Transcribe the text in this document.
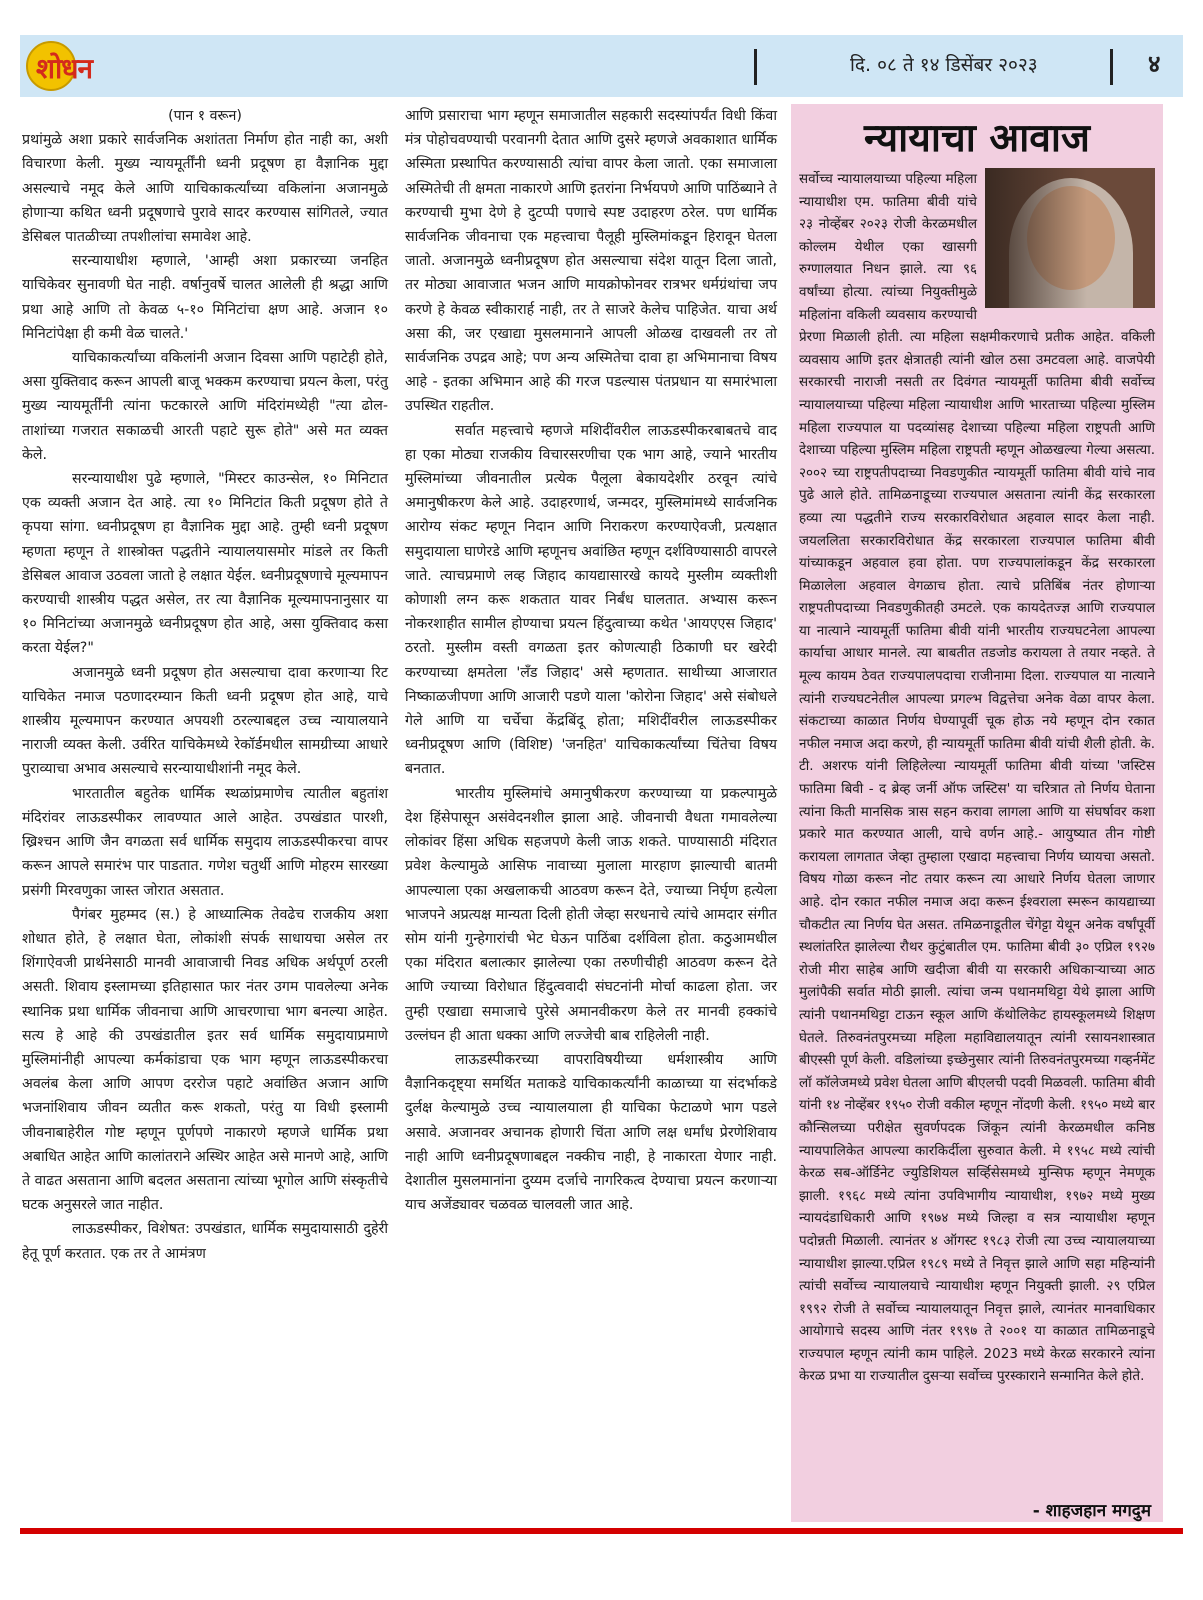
शोधन	दि. ०८ ते १४ डिसेंबर २०२३	४

(पान १ वरून)

प्रथांमुळे अशा प्रकारे सार्वजनिक अशांतता निर्माण होत नाही का, अशी विचारणा केली. मुख्य न्यायमूर्तींनी ध्वनी प्रदूषण हा वैज्ञानिक मुद्दा असल्याचे नमूद केले आणि याचिकाकर्त्यांच्या वकिलांना अजानमुळे होणाऱ्या कथित ध्वनी प्रदूषणाचे पुरावे सादर करण्यास सांगितले, ज्यात डेसिबल पातळीच्या तपशीलांचा समावेश आहे.

सरन्यायाधीश म्हणाले, 'आम्ही अशा प्रकारच्या जनहित याचिकेवर सुनावणी घेत नाही. वर्षानुवर्षे चालत आलेली ही श्रद्धा आणि प्रथा आहे आणि तो केवळ ५-१० मिनिटांचा क्षण आहे. अजान १० मिनिटांपेक्षा ही कमी वेळ चालते.'

याचिकाकर्त्यांच्या वकिलांनी अजान दिवसा आणि पहाटेही होते, असा युक्तिवाद करून आपली बाजू भक्कम करण्याचा प्रयत्न केला, परंतु मुख्य न्यायमूर्तींनी त्यांना फटकारले आणि मंदिरांमध्येही "त्या ढोल-ताशांच्या गजरात सकाळची आरती पहाटे सुरू होते" असे मत व्यक्त केले.

सरन्यायाधीश पुढे म्हणाले, "मिस्टर काउन्सेल, १० मिनिटात एक व्यक्ती अजान देत आहे. त्या १० मिनिटांत किती प्रदूषण होते ते कृपया सांगा. ध्वनीप्रदूषण हा वैज्ञानिक मुद्दा आहे. तुम्ही ध्वनी प्रदूषण म्हणता म्हणून ते शास्त्रोक्त पद्धतीने न्यायालयासमोर मांडले तर किती डेसिबल आवाज उठवला जातो हे लक्षात येईल. ध्वनीप्रदूषणाचे मूल्यमापन करण्याची शास्त्रीय पद्धत असेल, तर त्या वैज्ञानिक मूल्यमापनानुसार या १० मिनिटांच्या अजानमुळे ध्वनीप्रदूषण होत आहे, असा युक्तिवाद कसा करता येईल?"

अजानमुळे ध्वनी प्रदूषण होत असल्याचा दावा करणाऱ्या रिट याचिकेत नमाज पठणादरम्यान किती ध्वनी प्रदूषण होत आहे, याचे शास्त्रीय मूल्यमापन करण्यात अपयशी ठरल्याबद्दल उच्च न्यायालयाने नाराजी व्यक्त केली. उर्वरित याचिकेमध्ये रेकॉर्डमधील सामग्रीच्या आधारे पुराव्याचा अभाव असल्याचे सरन्यायाधीशांनी नमूद केले.

भारतातील बहुतेक धार्मिक स्थळांप्रमाणेच त्यातील बहुतांश मंदिरांवर लाऊडस्पीकर लावण्यात आले आहेत. उपखंडात पारशी, ख्रिश्चन आणि जैन वगळता सर्व धार्मिक समुदाय लाऊडस्पीकरचा वापर करून आपले समारंभ पार पाडतात. गणेश चतुर्थी आणि मोहरम सारख्या प्रसंगी मिरवणुका जास्त जोरात असतात.

पैगंबर मुहम्मद (स.) हे आध्यात्मिक तेवढेच राजकीय अशा शोधात होते, हे लक्षात घेता, लोकांशी संपर्क साधायचा असेल तर शिंगाऐवजी प्रार्थनेसाठी मानवी आवाजाची निवड अधिक अर्थपूर्ण ठरली असती. शिवाय इस्लामच्या इतिहासात फार नंतर उगम पावलेल्या अनेक स्थानिक प्रथा धार्मिक जीवनाचा आणि आचरणाचा भाग बनल्या आहेत. सत्य हे आहे की उपखंडातील इतर सर्व धार्मिक समुदायाप्रमाणे मुस्लिमांनीही आपल्या कर्मकांडाचा एक भाग म्हणून लाऊडस्पीकरचा अवलंब केला आणि आपण दररोज पहाटे अवांछित अजान आणि भजनांशिवाय जीवन व्यतीत करू शकतो, परंतु या विधी इस्लामी जीवनाबाहेरील गोष्ट म्हणून पूर्णपणे नाकारणे म्हणजे धार्मिक प्रथा अबाधित आहेत आणि कालांतराने अस्थिर आहेत असे मानणे आहे, आणि ते वाढत असताना आणि बदलत असताना त्यांच्या भूगोल आणि संस्कृतीचे घटक अनुसरले जात नाहीत.

लाऊडस्पीकर, विशेषत: उपखंडात, धार्मिक समुदायासाठी दुहेरी हेतू पूर्ण करतात. एक तर ते आमंत्रण

आणि प्रसाराचा भाग म्हणून समाजातील सहकारी सदस्यांपर्यंत विधी किंवा मंत्र पोहोचवण्याची परवानगी देतात आणि दुसरे म्हणजे अवकाशात धार्मिक अस्मिता प्रस्थापित करण्यासाठी त्यांचा वापर केला जातो. एका समाजाला अस्मितेची ती क्षमता नाकारणे आणि इतरांना निर्भयपणे आणि पाठिंब्याने ते करण्याची मुभा देणे हे दुटप्पी पणाचे स्पष्ट उदाहरण ठरेल. पण धार्मिक सार्वजनिक जीवनाचा एक महत्त्वाचा पैलूही मुस्लिमांकडून हिरावून घेतला जातो. अजानमुळे ध्वनीप्रदूषण होत असल्याचा संदेश यातून दिला जातो, तर मोठ्या आवाजात भजन आणि मायक्रोफोनवर रात्रभर धर्मग्रंथांचा जप करणे हे केवळ स्वीकारार्ह नाही, तर ते साजरे केलेच पाहिजेत. याचा अर्थ असा की, जर एखाद्या मुसलमानाने आपली ओळख दाखवली तर तो सार्वजनिक उपद्रव आहे; पण अन्य अस्मितेचा दावा हा अभिमानाचा विषय आहे - इतका अभिमान आहे की गरज पडल्यास पंतप्रधान या समारंभाला उपस्थित राहतील.

सर्वात महत्त्वाचे म्हणजे मशिदींवरील लाऊडस्पीकरबाबतचे वाद हा एका मोठ्या राजकीय विचारसरणीचा एक भाग आहे, ज्याने भारतीय मुस्लिमांच्या जीवनातील प्रत्येक पैलूला बेकायदेशीर ठरवून त्यांचे अमानुषीकरण केले आहे. उदाहरणार्थ, जन्मदर, मुस्लिमांमध्ये सार्वजनिक आरोग्य संकट म्हणून निदान आणि निराकरण करण्याऐवजी, प्रत्यक्षात समुदायाला घाणेरडे आणि म्हणूनच अवांछित म्हणून दर्शविण्यासाठी वापरले जाते. त्याचप्रमाणे लव्ह जिहाद कायद्यासारखे कायदे मुस्लीम व्यक्तीशी कोणाशी लग्न करू शकतात यावर निर्बंध घालतात. अभ्यास करून नोकरशाहीत सामील होण्याचा प्रयत्न हिंदुत्वाच्या कथेत 'आयएएस जिहाद' ठरतो. मुस्लीम वस्ती वगळता इतर कोणत्याही ठिकाणी घर खरेदी करण्याच्या क्षमतेला 'लँड जिहाद' असे म्हणतात. साथीच्या आजारात निष्काळजीपणा आणि आजारी पडणे याला 'कोरोना जिहाद' असे संबोधले गेले आणि या चर्चेचा केंद्रबिंदू होता; मशिदींवरील लाऊडस्पीकर ध्वनीप्रदूषण आणि (विशिष्ट) 'जनहित' याचिकाकर्त्यांच्या चिंतेचा विषय बनतात.

भारतीय मुस्लिमांचे अमानुषीकरण करण्याच्या या प्रकल्पामुळे देश हिंसेपासून असंवेदनशील झाला आहे. जीवनाची वैधता गमावलेल्या लोकांवर हिंसा अधिक सहजपणे केली जाऊ शकते. पाण्यासाठी मंदिरात प्रवेश केल्यामुळे आसिफ नावाच्या मुलाला मारहाण झाल्याची बातमी आपल्याला एका अखलाकची आठवण करून देते, ज्याच्या निर्घृण हत्येला भाजपने अप्रत्यक्ष मान्यता दिली होती जेव्हा सरधनाचे त्यांचे आमदार संगीत सोम यांनी गुन्हेगारांची भेट घेऊन पाठिंबा दर्शविला होता. कठुआमधील एका मंदिरात बलात्कार झालेल्या एका तरुणीचीही आठवण करून देते आणि ज्याच्या विरोधात हिंदुत्ववादी संघटनांनी मोर्चा काढला होता. जर तुम्ही एखाद्या समाजाचे पुरेसे अमानवीकरण केले तर मानवी हक्कांचे उल्लंघन ही आता धक्का आणि लज्जेची बाब राहिलेली नाही.

लाऊडस्पीकरच्या वापराविषयीच्या धर्मशास्त्रीय आणि वैज्ञानिकदृष्ट्या समर्थित मताकडे याचिकाकर्त्यांनी काळाच्या या संदर्भाकडे दुर्लक्ष केल्यामुळे उच्च न्यायालयाला ही याचिका फेटाळणे भाग पडले असावे. अजानवर अचानक होणारी चिंता आणि लक्ष धर्मांध प्रेरणेशिवाय नाही आणि ध्वनीप्रदूषणाबद्दल नक्कीच नाही, हे नाकारता येणार नाही. देशातील मुसलमानांना दुय्यम दर्जाचे नागरिकत्व देण्याचा प्रयत्न करणाऱ्या याच अजेंड्यावर चळवळ चालवली जात आहे.

न्यायाचा आवाज

सर्वोच्च न्यायालयाच्या पहिल्या महिला न्यायाधीश एम. फातिमा बीवी यांचे २३ नोव्हेंबर २०२३ रोजी केरळमधील कोल्लम येथील एका खासगी रुग्णालयात निधन झाले. त्या ९६ वर्षांच्या होत्या. त्यांच्या नियुक्तीमुळे महिलांना वकिली व्यवसाय करण्याची प्रेरणा मिळाली होती. त्या महिला सक्षमीकरणाचे प्रतीक आहेत. वकिली व्यवसाय आणि इतर क्षेत्रातही त्यांनी खोल ठसा उमटवला आहे. वाजपेयी सरकारची नाराजी नसती तर दिवंगत न्यायमूर्ती फातिमा बीवी सर्वोच्च न्यायालयाच्या पहिल्या महिला न्यायाधीश आणि भारताच्या पहिल्या मुस्लिम महिला राज्यपाल या पदव्यांसह देशाच्या पहिल्या महिला राष्ट्रपती आणि देशाच्या पहिल्या मुस्लिम महिला राष्ट्रपती म्हणून ओळखल्या गेल्या असत्या. २००२ च्या राष्ट्रपतीपदाच्या निवडणुकीत न्यायमूर्ती फातिमा बीवी यांचे नाव पुढे आले होते. तामिळनाडूच्या राज्यपाल असताना त्यांनी केंद्र सरकारला हव्या त्या पद्धतीने राज्य सरकारविरोधात अहवाल सादर केला नाही. जयललिता सरकारविरोधात केंद्र सरकारला राज्यपाल फातिमा बीवी यांच्याकडून अहवाल हवा होता. पण राज्यपालांकडून केंद्र सरकारला मिळालेला अहवाल वेगळाच होता. त्याचे प्रतिबिंब नंतर होणाऱ्या राष्ट्रपतीपदाच्या निवडणुकीतही उमटले. एक कायदेतज्ज्ञ आणि राज्यपाल या नात्याने न्यायमूर्ती फातिमा बीवी यांनी भारतीय राज्यघटनेला आपल्या कार्याचा आधार मानले. त्या बाबतीत तडजोड करायला ते तयार नव्हते. ते मूल्य कायम ठेवत राज्यपालपदाचा राजीनामा दिला. राज्यपाल या नात्याने त्यांनी राज्यघटनेतील आपल्या प्रगल्भ विद्वत्तेचा अनेक वेळा वापर केला. संकटाच्या काळात निर्णय घेण्यापूर्वी चूक होऊ नये म्हणून दोन रकात नफील नमाज अदा करणे, ही न्यायमूर्ती फातिमा बीवी यांची शैली होती. के. टी. अशरफ यांनी लिहिलेल्या न्यायमूर्ती फातिमा बीवी यांच्या 'जस्टिस फातिमा बिवी - द ब्रेव्ह जर्नी ऑफ जस्टिस' या चरित्रात तो निर्णय घेताना त्यांना किती मानसिक त्रास सहन करावा लागला आणि या संघर्षावर कशा प्रकारे मात करण्यात आली, याचे वर्णन आहे.- आयुष्यात तीन गोष्टी करायला लागतात जेव्हा तुम्हाला एखादा महत्त्वाचा निर्णय घ्यायचा असतो. विषय गोळा करून नोट तयार करून त्या आधारे निर्णय घेतला जाणार आहे. दोन रकात नफील नमाज अदा करून ईश्वराला स्मरून कायद्याच्या चौकटीत त्या निर्णय घेत असत. तमिळनाडूतील चेंगेट्टा येथून अनेक वर्षांपूर्वी स्थलांतरित झालेल्या रौथर कुटुंबातील एम. फातिमा बीवी ३० एप्रिल १९२७ रोजी मीरा साहेब आणि खदीजा बीवी या सरकारी अधिकाऱ्याच्या आठ मुलांपैकी सर्वात मोठी झाली. त्यांचा जन्म पथानमथिट्टा येथे झाला आणि त्यांनी पथानमथिट्टा टाऊन स्कूल आणि कॅथोलिकेट हायस्कूलमध्ये शिक्षण घेतले. तिरुवनंतपुरमच्या महिला महाविद्यालयातून त्यांनी रसायनशास्त्रात बीएस्सी पूर्ण केली. वडिलांच्या इच्छेनुसार त्यांनी तिरुवनंतपुरमच्या गव्हर्नमेंट लॉ कॉलेजमध्ये प्रवेश घेतला आणि बीएलची पदवी मिळवली. फातिमा बीवी यांनी १४ नोव्हेंबर १९५० रोजी वकील म्हणून नोंदणी केली. १९५० मध्ये बार कौन्सिलच्या परीक्षेत सुवर्णपदक जिंकून त्यांनी केरळमधील कनिष्ठ न्यायपालिकेत आपल्या कारकिर्दीला सुरुवात केली. मे १९५८ मध्ये त्यांची केरळ सब-ऑर्डिनेट ज्युडिशियल सर्व्हिसेसमध्ये मुन्सिफ म्हणून नेमणूक झाली. १९६८ मध्ये त्यांना उपविभागीय न्यायाधीश, १९७२ मध्ये मुख्य न्यायदंडाधिकारी आणि १९७४ मध्ये जिल्हा व सत्र न्यायाधीश म्हणून पदोन्नती मिळाली. त्यानंतर ४ ऑगस्ट १९८३ रोजी त्या उच्च न्यायालयाच्या न्यायाधीश झाल्या.एप्रिल १९८९ मध्ये ते निवृत्त झाले आणि सहा महिन्यांनी त्यांची सर्वोच्च न्यायालयाचे न्यायाधीश म्हणून नियुक्ती झाली. २९ एप्रिल १९९२ रोजी ते सर्वोच्च न्यायालयातून निवृत्त झाले, त्यानंतर मानवाधिकार आयोगाचे सदस्य आणि नंतर १९९७ ते २००१ या काळात तामिळनाडूचे राज्यपाल म्हणून त्यांनी काम पाहिले. 2023 मध्ये केरळ सरकारने त्यांना केरळ प्रभा या राज्यातील दुसऱ्या सर्वोच्च पुरस्काराने सन्मानित केले होते.

- शाहजहान मगदुम
